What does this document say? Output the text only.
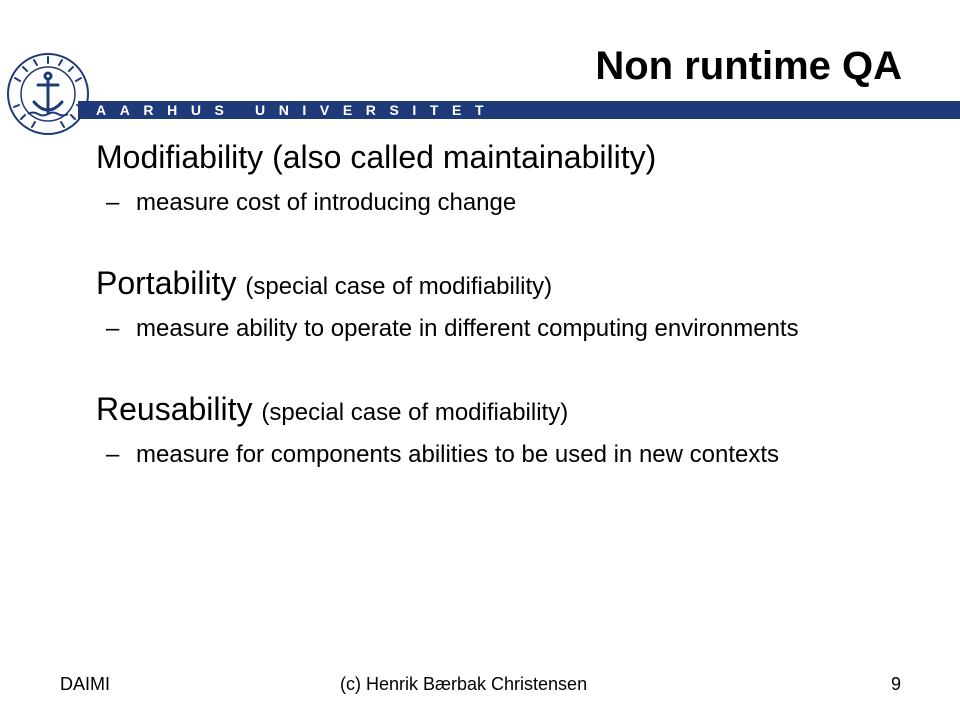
AARHUS UNIVERSITET
Non runtime QA
Modifiability (also called maintainability)
– measure cost of introducing change
Portability (special case of modifiability)
– measure ability to operate in different computing environments
Reusability (special case of modifiability)
– measure for components abilities to be used in new contexts
DAIMI	(c) Henrik Bærbak Christensen	9
